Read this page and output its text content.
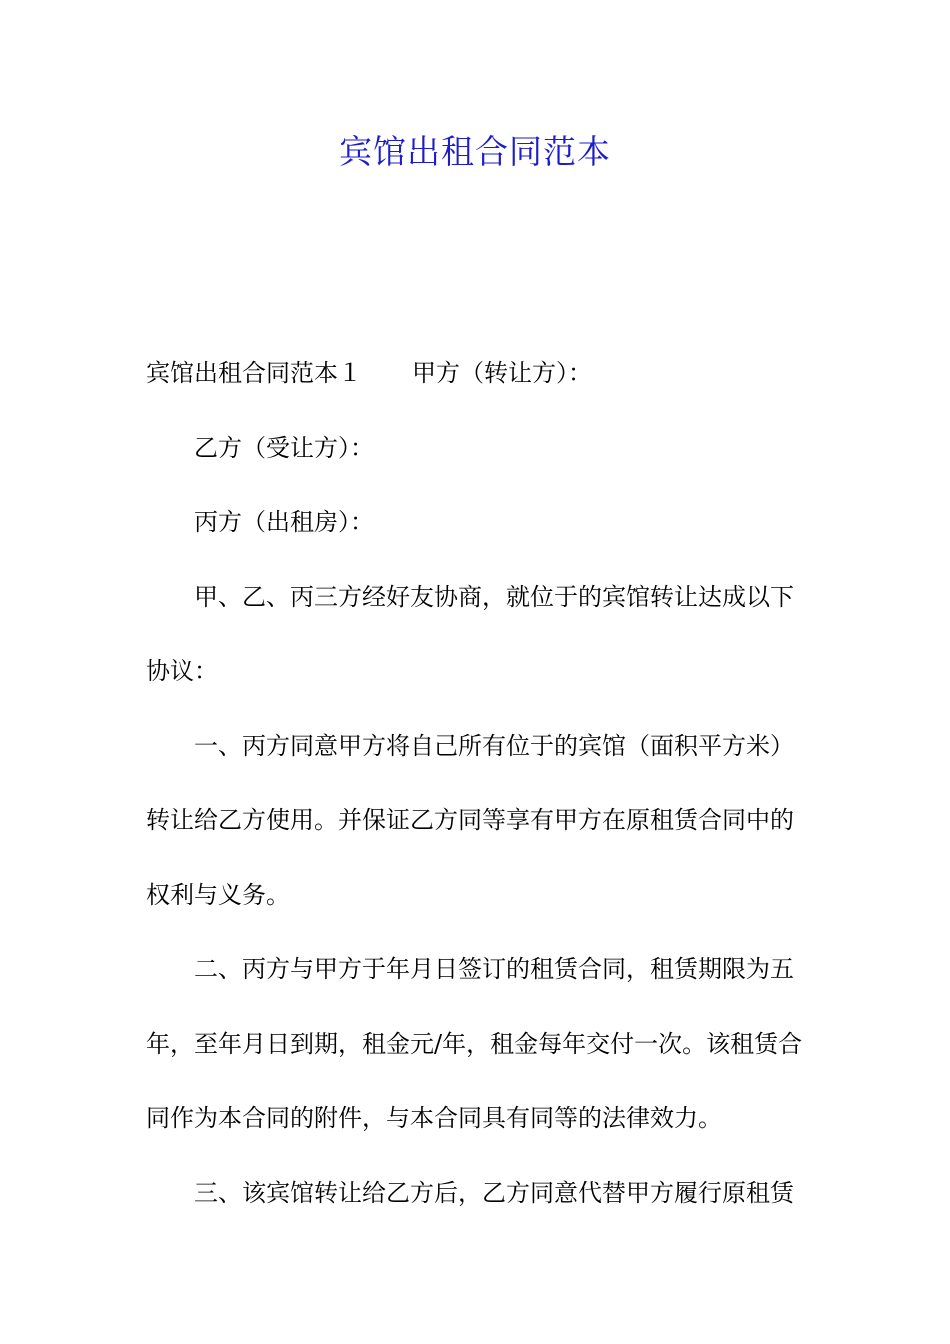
宾馆出租合同范本
宾馆出租合同范本１ 甲方（转让方）：
乙方（受让方）：
丙方（出租房）：
甲、乙、丙三方经好友协商，就位于的宾馆转让达成以下
协议：
一、丙方同意甲方将自己所有位于的宾馆（面积平方米）
转让给乙方使用。并保证乙方同等享有甲方在原租赁合同中的
权利与义务。
二、丙方与甲方于年月日签订的租赁合同，租赁期限为五
年，至年月日到期，租金元/年，租金每年交付一次。该租赁合
同作为本合同的附件，与本合同具有同等的法律效力。
三、该宾馆转让给乙方后，乙方同意代替甲方履行原租赁
